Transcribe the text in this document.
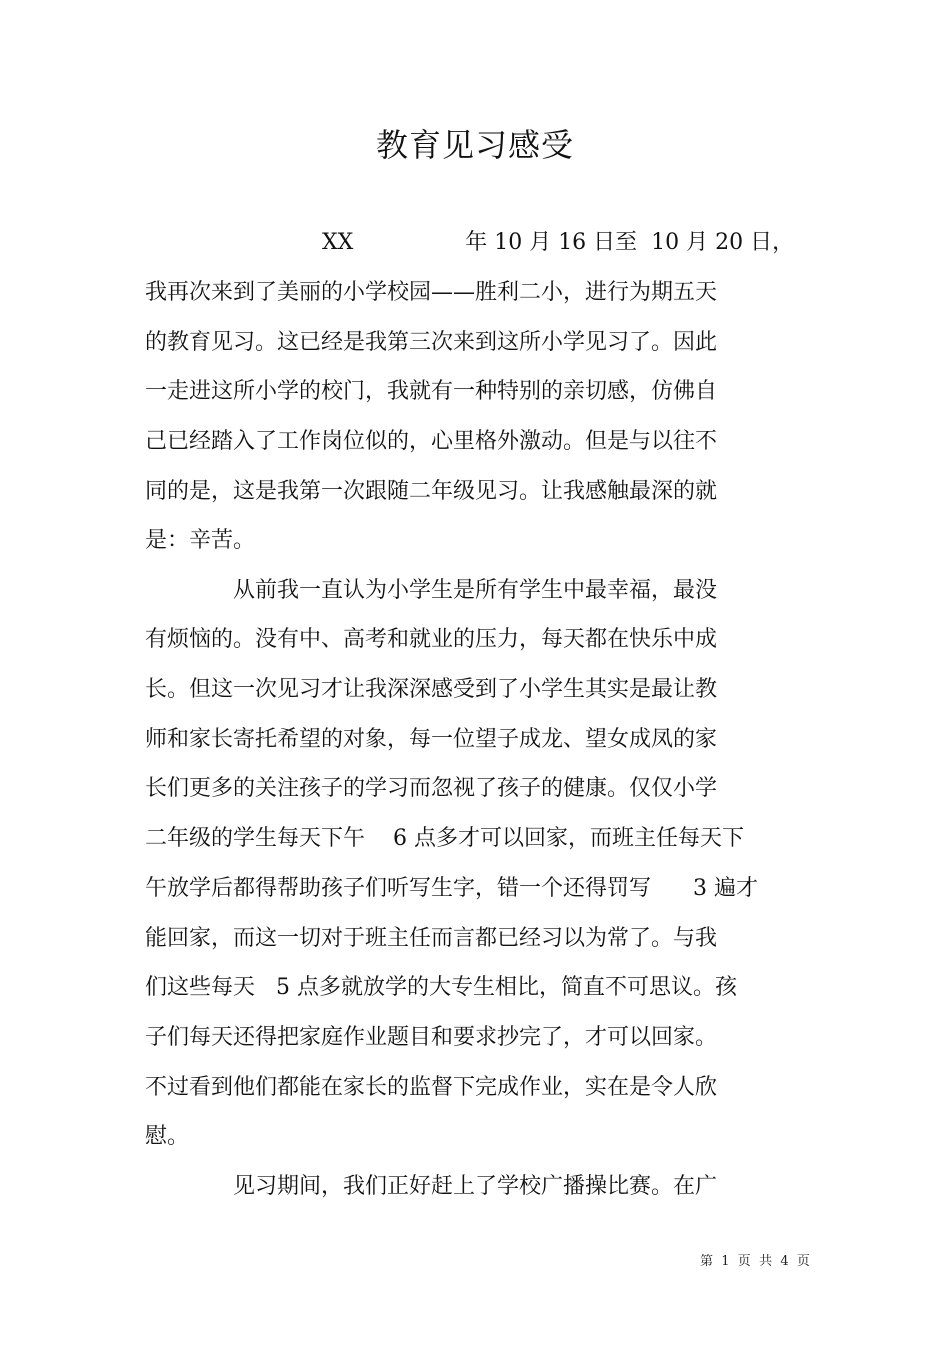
教育见习感受
XX                年 10 月 16 日至  10 月 20 日，
我再次来到了美丽的小学校园——胜利二小，进行为期五天
的教育见习。这已经是我第三次来到这所小学见习了。因此
一走进这所小学的校门，我就有一种特别的亲切感，仿佛自
己已经踏入了工作岗位似的，心里格外激动。但是与以往不
同的是，这是我第一次跟随二年级见习。让我感触最深的就
是：辛苦。
从前我一直认为小学生是所有学生中最幸福，最没
有烦恼的。没有中、高考和就业的压力，每天都在快乐中成
长。但这一次见习才让我深深感受到了小学生其实是最让教
师和家长寄托希望的对象，每一位望子成龙、望女成凤的家
长们更多的关注孩子的学习而忽视了孩子的健康。仅仅小学
二年级的学生每天下午    6 点多才可以回家，而班主任每天下
午放学后都得帮助孩子们听写生字，错一个还得罚写      3 遍才
能回家，而这一切对于班主任而言都已经习以为常了。与我
们这些每天   5 点多就放学的大专生相比，简直不可思议。孩
子们每天还得把家庭作业题目和要求抄完了，才可以回家。
不过看到他们都能在家长的监督下完成作业，实在是令人欣
慰。
见习期间，我们正好赶上了学校广播操比赛。在广
第  1  页  共  4  页
